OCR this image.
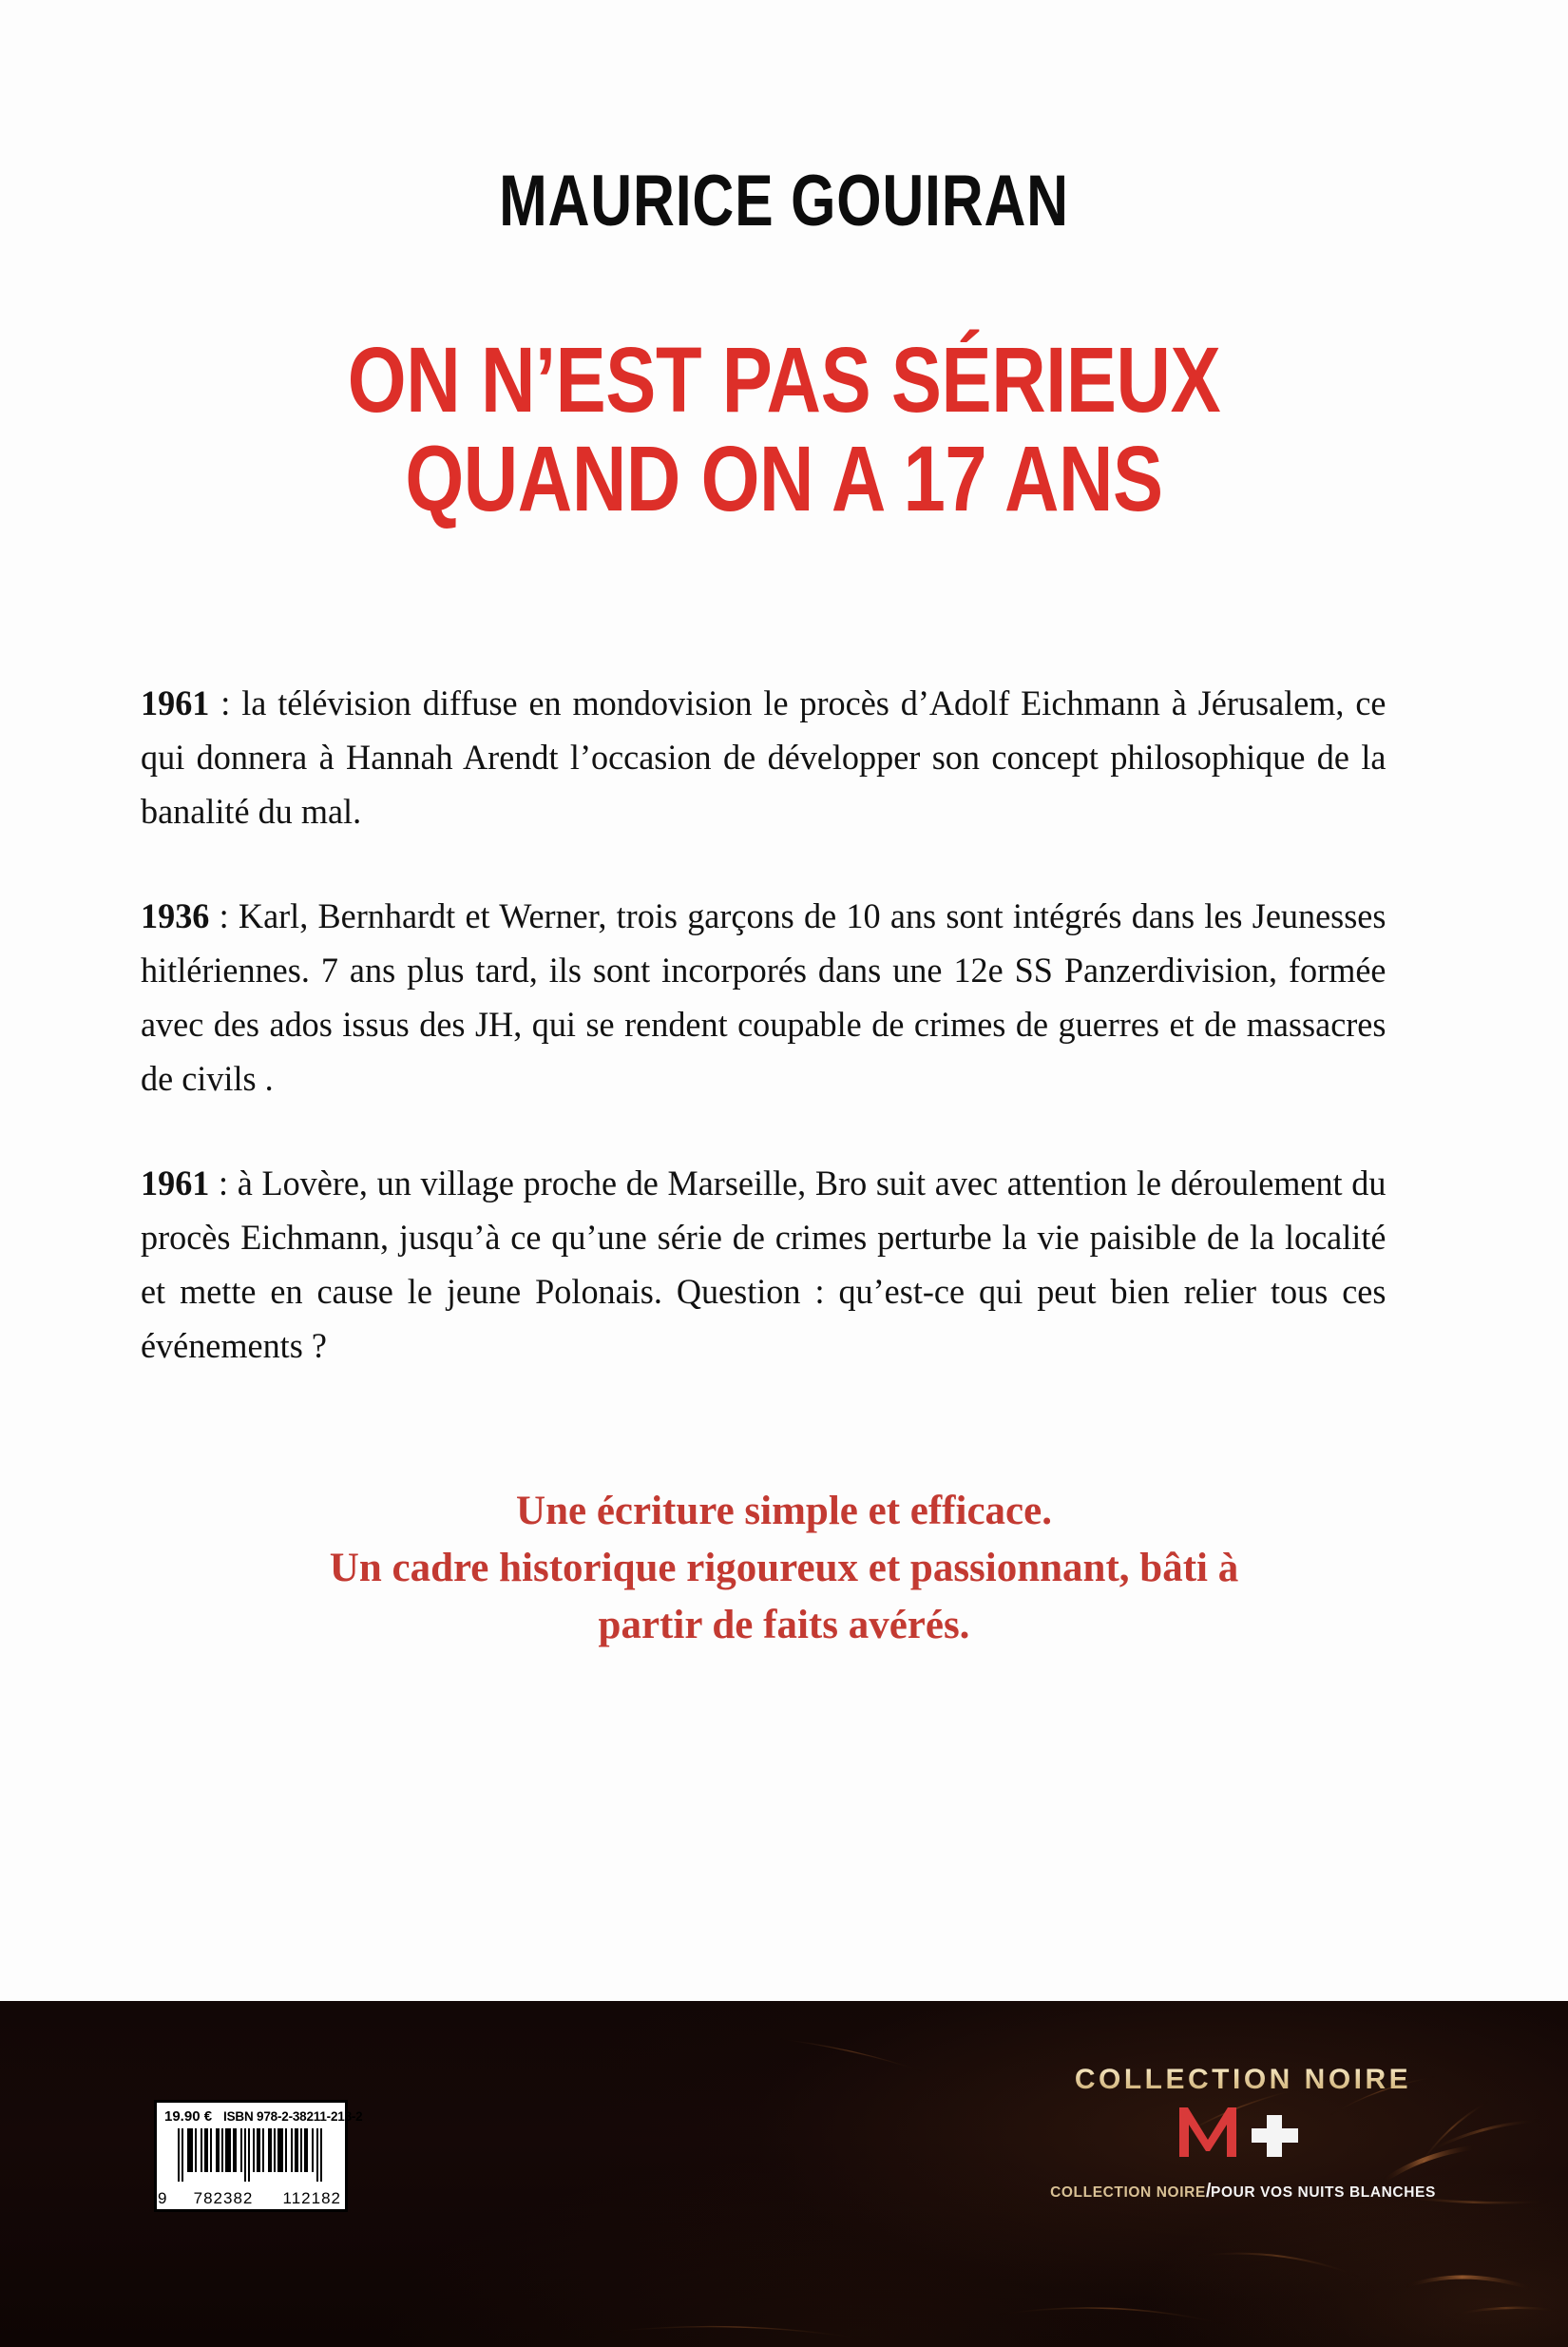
MAURICE GOUIRAN
ON N’EST PAS SÉRIEUX
QUAND ON A 17 ANS

1961 : la télévision diffuse en mondovision le procès d’Adolf Eichmann à Jérusalem, ce qui donnera à Hannah Arendt l’occasion de développer son concept philosophique de la banalité du mal.

1936 : Karl, Bernhardt et Werner, trois garçons de 10 ans sont intégrés dans les Jeunesses hitlériennes. 7 ans plus tard, ils sont incorporés dans une 12e SS Panzerdivision, formée avec des ados issus des JH, qui se rendent coupable de crimes de guerres et de massacres de civils .

1961 : à Lovère, un village proche de Marseille, Bro suit avec attention le déroulement du procès Eichmann, jusqu’à ce qu’une série de crimes perturbe la vie paisible de la localité et mette en cause le jeune Polonais. Question : qu’est-ce qui peut bien relier tous ces événements ?

Une écriture simple et efficace.
Un cadre historique rigoureux et passionnant, bâti à
partir de faits avérés.
19.90 € ISBN 978-2-38211-218-2
9 782382 112182
COLLECTION NOIRE
COLLECTION NOIRE / POUR VOS NUITS BLANCHES
